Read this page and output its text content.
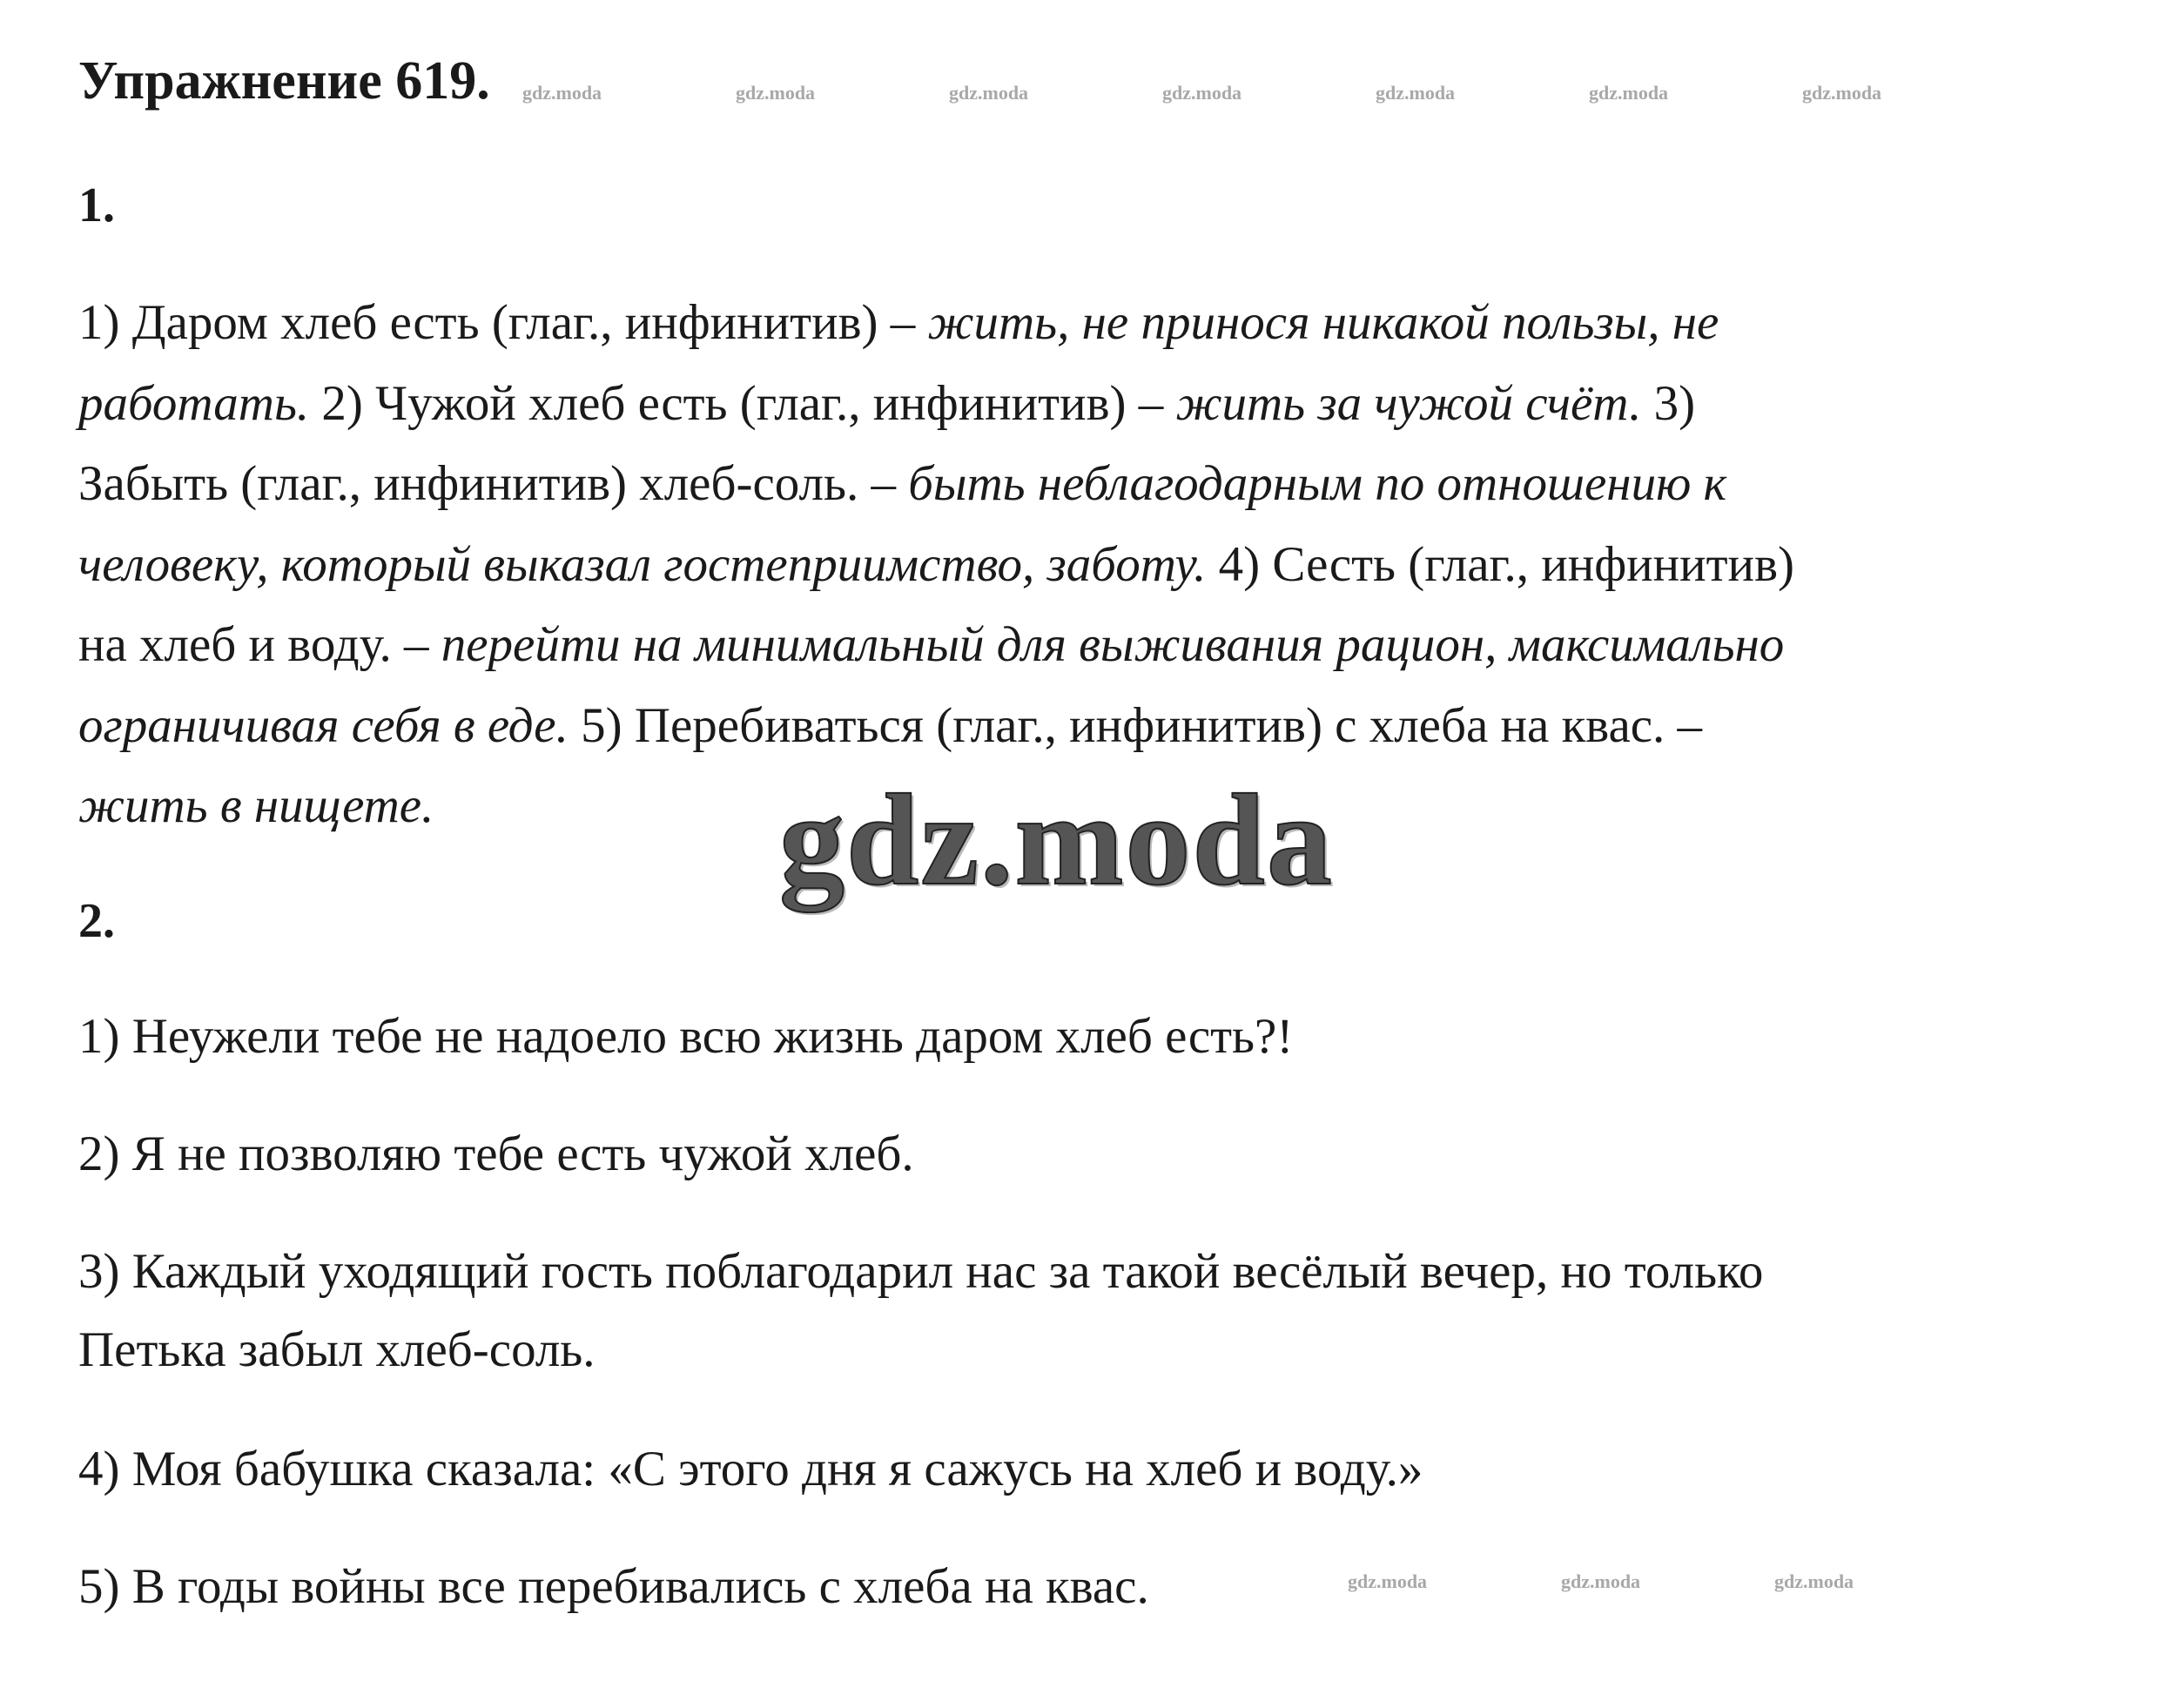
Упражнение 619. gdz.moda	gdz.moda	gdz.moda	gdz.moda	gdz.moda	gdz.moda	gdz.moda
1.
1) Даром хлеб есть (глаг., инфинитив) – жить, не принося никакой пользы, не
работать. 2) Чужой хлеб есть (глаг., инфинитив) – жить за чужой счёт. 3)
Забыть (глаг., инфинитив) хлеб-соль. – быть неблагодарным по отношению к
человеку, который выказал гостеприимство, заботу. 4) Сесть (глаг., инфинитив)
на хлеб и воду. – перейти на минимальный для выживания рацион, максимально
ограничивая себя в еде. 5) Перебиваться (глаг., инфинитив) с хлеба на квас. –
жить в нищете.	gdz.moda
2.
1) Неужели тебе не надоело всю жизнь даром хлеб есть?!
2) Я не позволяю тебе есть чужой хлеб.
3) Каждый уходящий гость поблагодарил нас за такой весёлый вечер, но только
Петька забыл хлеб-соль.
4) Моя бабушка сказала: «С этого дня я сажусь на хлеб и воду.»
5) В годы войны все перебивались с хлеба на квас.	gdz.moda	gdz.moda	gdz.moda
